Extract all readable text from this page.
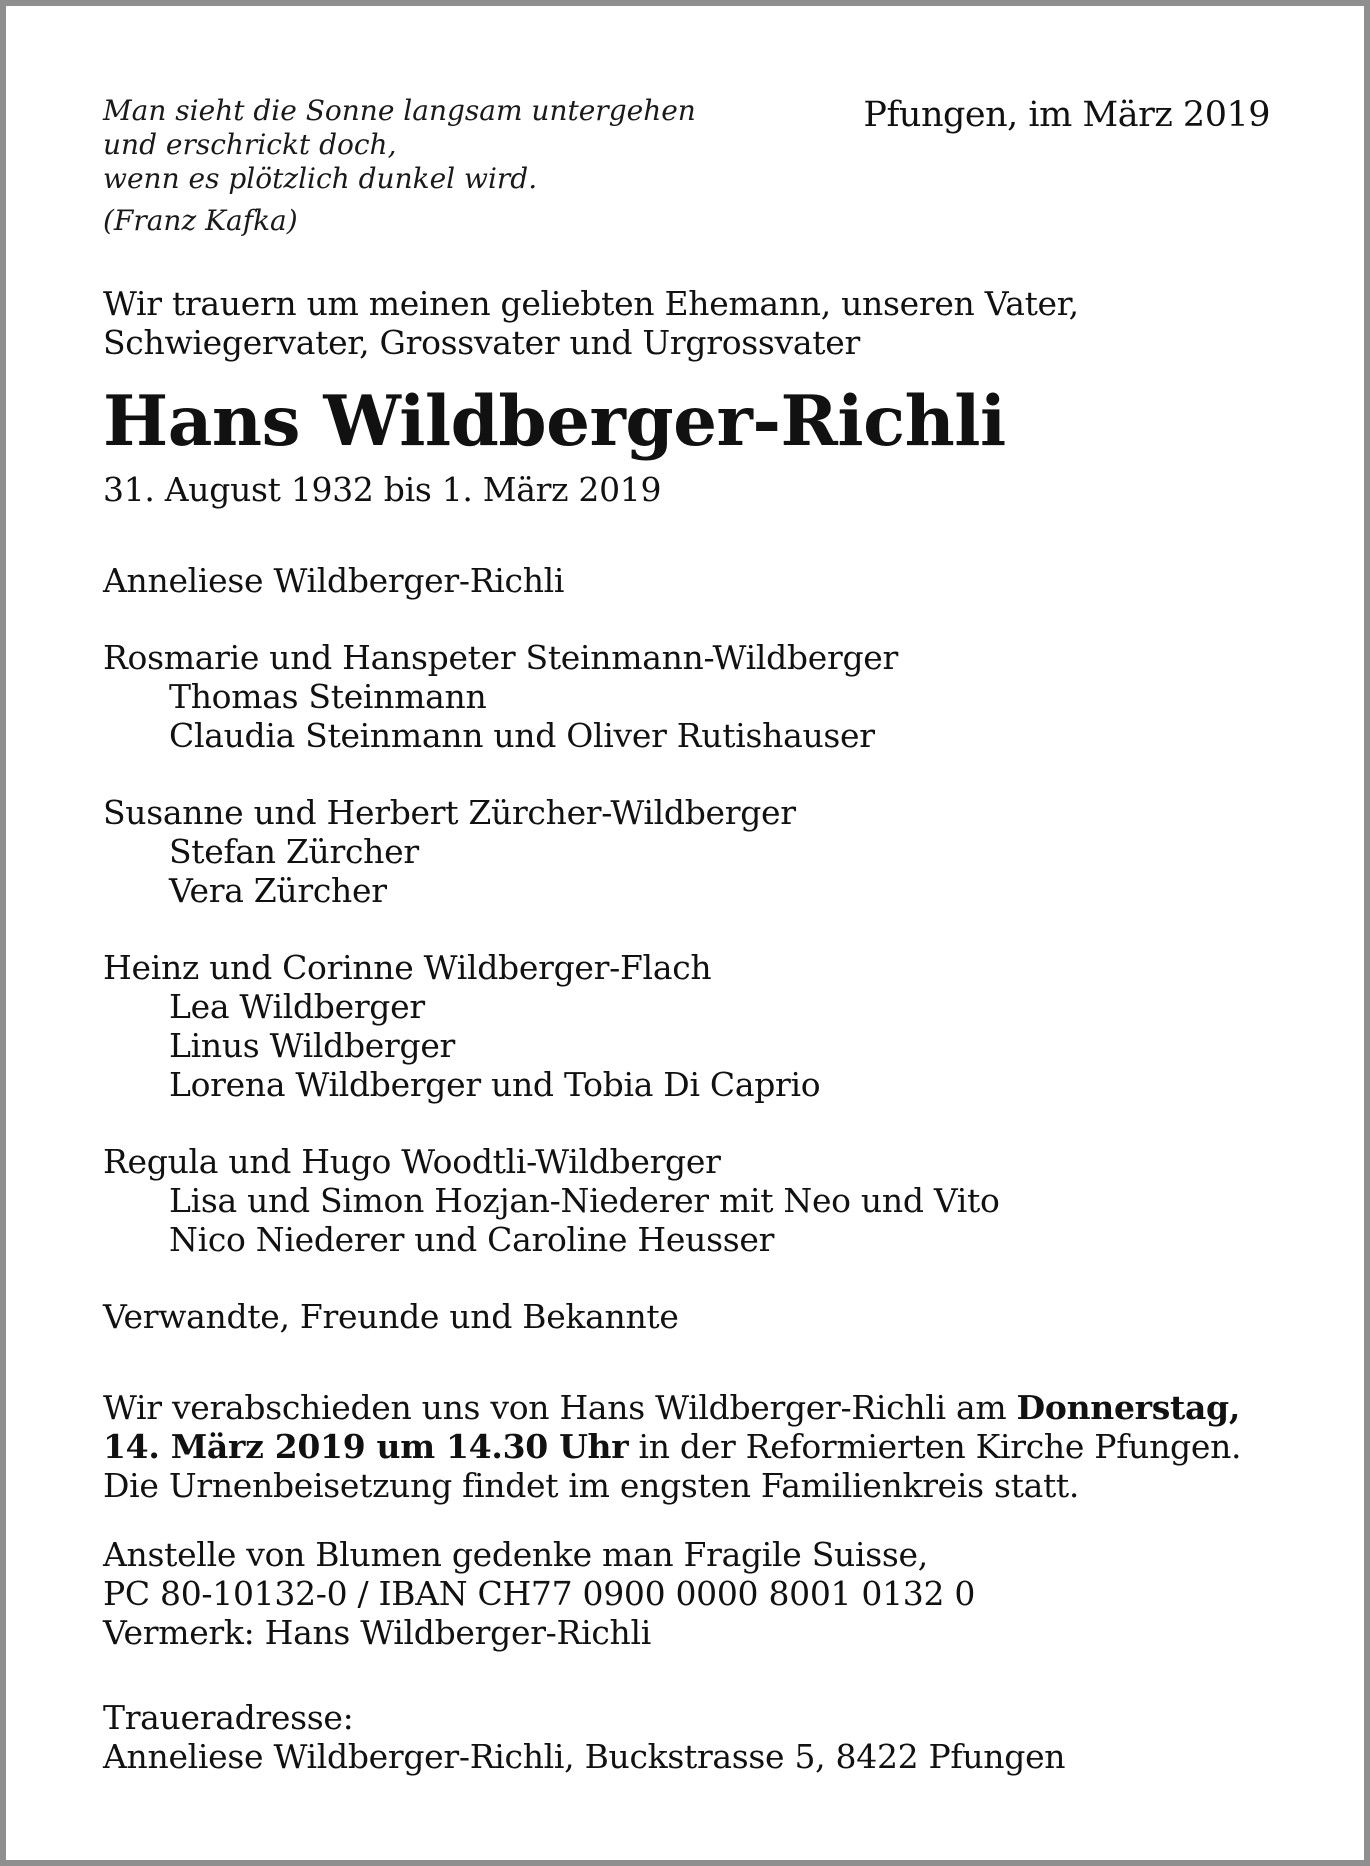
Man sieht die Sonne langsam untergehen
und erschrickt doch,
wenn es plötzlich dunkel wird.
(Franz Kafka)
Pfungen, im März 2019
Wir trauern um meinen geliebten Ehemann, unseren Vater,
Schwiegervater, Grossvater und Urgrossvater
Hans Wildberger-Richli
31. August 1932 bis 1. März 2019
Anneliese Wildberger-Richli
Rosmarie und Hanspeter Steinmann-Wildberger
Thomas Steinmann
Claudia Steinmann und Oliver Rutishauser
Susanne und Herbert Zürcher-Wildberger
Stefan Zürcher
Vera Zürcher
Heinz und Corinne Wildberger-Flach
Lea Wildberger
Linus Wildberger
Lorena Wildberger und Tobia Di Caprio
Regula und Hugo Woodtli-Wildberger
Lisa und Simon Hozjan-Niederer mit Neo und Vito
Nico Niederer und Caroline Heusser
Verwandte, Freunde und Bekannte
Wir verabschieden uns von Hans Wildberger-Richli am Donnerstag,
14. März 2019 um 14.30 Uhr in der Reformierten Kirche Pfungen.
Die Urnenbeisetzung findet im engsten Familienkreis statt.
Anstelle von Blumen gedenke man Fragile Suisse,
PC 80-10132-0 / IBAN CH77 0900 0000 8001 0132 0
Vermerk: Hans Wildberger-Richli
Traueradresse:
Anneliese Wildberger-Richli, Buckstrasse 5, 8422 Pfungen
